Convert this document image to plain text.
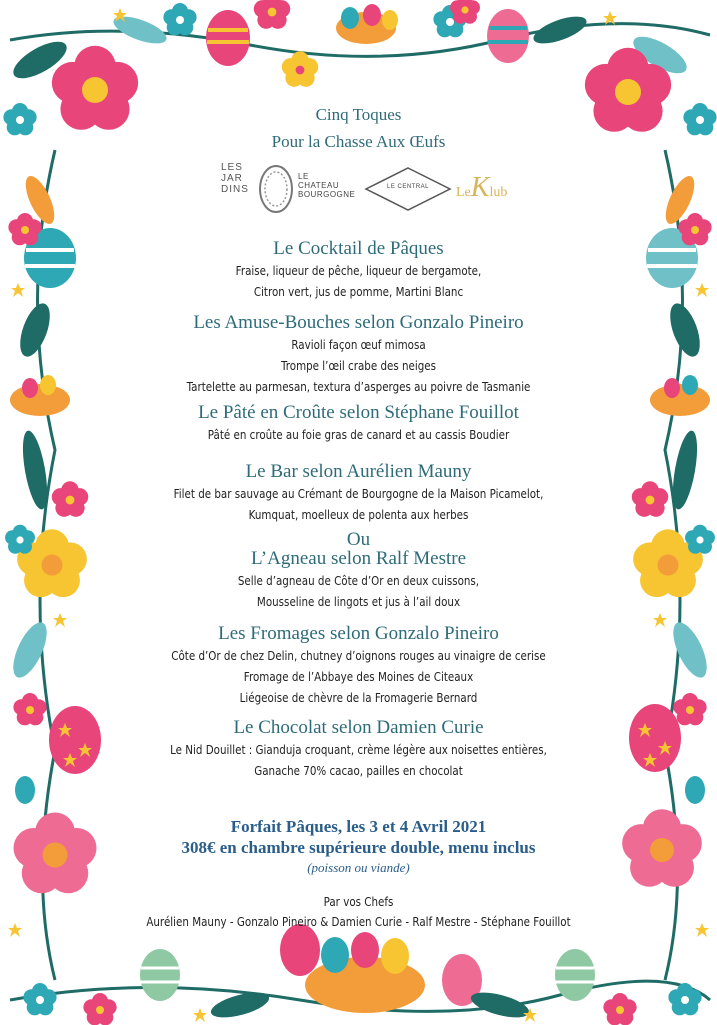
Cinq Toques
Pour la Chasse Aux Œufs
LES
JAR
DINS
LE
CHATEAU
BOURGOGNE
LE CENTRAL	LeKlub
Le Cocktail de Pâques
Fraise, liqueur de pêche, liqueur de bergamote,
Citron vert, jus de pomme, Martini Blanc
Les Amuse-Bouches selon Gonzalo Pineiro
Ravioli façon œuf mimosa
Trompe l’œil crabe des neiges
Tartelette au parmesan, textura d’asperges au poivre de Tasmanie
Le Pâté en Croûte selon Stéphane Fouillot
Pâté en croûte au foie gras de canard et au cassis Boudier
Le Bar selon Aurélien Mauny
Filet de bar sauvage au Crémant de Bourgogne de la Maison Picamelot,
Kumquat, moelleux de polenta aux herbes
Ou
L’Agneau selon Ralf Mestre
Selle d’agneau de Côte d’Or en deux cuissons,
Mousseline de lingots et jus à l’ail doux
Les Fromages selon Gonzalo Pineiro
Côte d’Or de chez Delin, chutney d’oignons rouges au vinaigre de cerise
Fromage de l’Abbaye des Moines de Citeaux
Liégeoise de chèvre de la Fromagerie Bernard
Le Chocolat selon Damien Curie
Le Nid Douillet : Gianduja croquant, crème légère aux noisettes entières,
Ganache 70% cacao, pailles en chocolat
Forfait Pâques, les 3 et 4 Avril 2021
308€ en chambre supérieure double, menu inclus
(poisson ou viande)
Par vos Chefs
Aurélien Mauny - Gonzalo Pineiro & Damien Curie - Ralf Mestre - Stéphane Fouillot
